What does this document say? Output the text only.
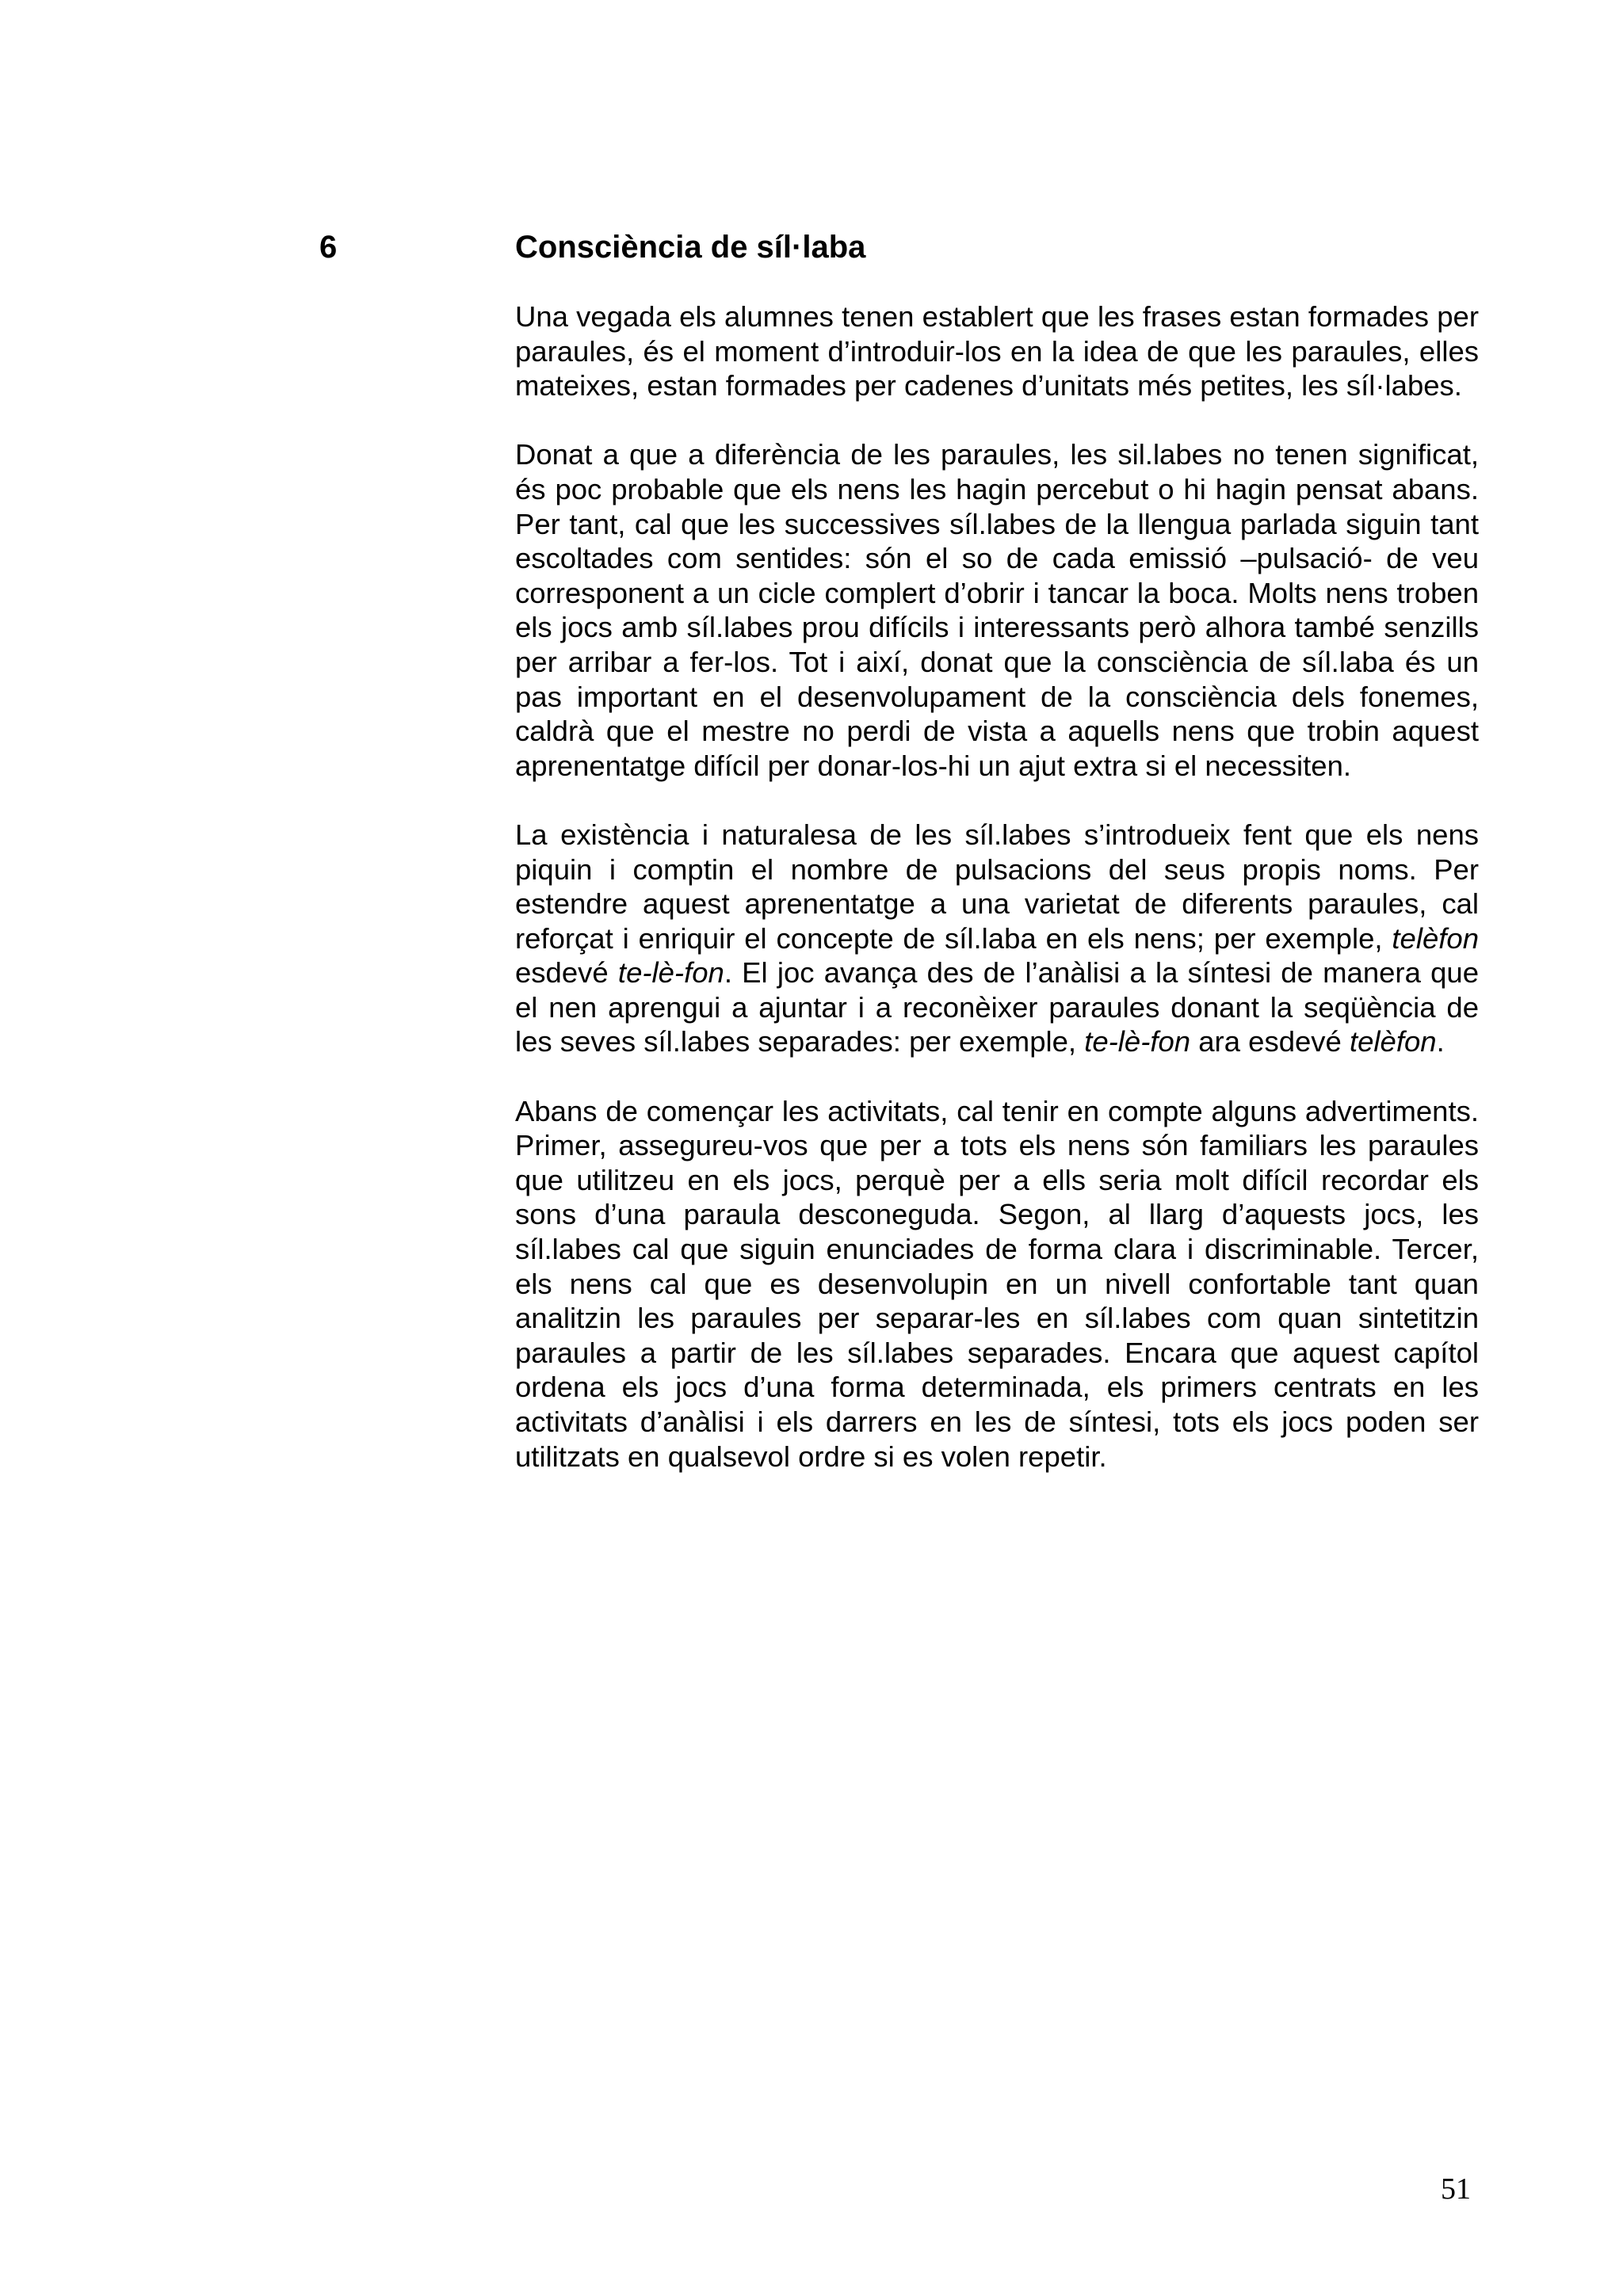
6	Consciència de síl·laba

Una vegada els alumnes tenen establert que les frases estan formades per paraules, és el moment d’introduir-los en la idea de que les paraules, elles mateixes, estan formades per cadenes d’unitats més petites, les síl·labes.

Donat a que a diferència de les paraules, les sil.labes no tenen significat, és poc probable que els nens les hagin percebut o hi hagin pensat abans. Per tant, cal que les successives síl.labes de la llengua parlada siguin tant escoltades com sentides: són el so de cada emissió –pulsació- de veu corresponent a un cicle complert d’obrir i tancar la boca. Molts nens troben els jocs amb síl.labes prou difícils i interessants però alhora també senzills per arribar a fer-los. Tot i així, donat que la consciència de síl.laba és un pas important en el desenvolupament de la consciència dels fonemes, caldrà que el mestre no perdi de vista a aquells nens que trobin aquest aprenentatge difícil per donar-los-hi un ajut extra si el necessiten.

La existència i naturalesa de les síl.labes s’introdueix fent que els nens piquin i comptin el nombre de pulsacions del seus propis noms. Per estendre aquest aprenentatge a una varietat de diferents paraules, cal reforçat i enriquir el concepte de síl.laba en els nens; per exemple, telèfon esdevé te-lè-fon. El joc avança des de l’anàlisi a la síntesi de manera que el nen aprengui a ajuntar i a reconèixer paraules donant la seqüència de les seves síl.labes separades: per exemple, te-lè-fon ara esdevé telèfon.

Abans de començar les activitats, cal tenir en compte alguns advertiments. Primer, assegureu-vos que per a tots els nens són familiars les paraules que utilitzeu en els jocs, perquè per a ells seria molt difícil recordar els sons d’una paraula desconeguda. Segon, al llarg d’aquests jocs, les síl.labes cal que siguin enunciades de forma clara i discriminable. Tercer, els nens cal que es desenvolupin en un nivell confortable tant quan analitzin les paraules per separar-les en síl.labes com quan sintetitzin paraules a partir de les síl.labes separades. Encara que aquest capítol ordena els jocs d’una forma determinada, els primers centrats en les activitats d’anàlisi i els darrers en les de síntesi, tots els jocs poden ser utilitzats en qualsevol ordre si es volen repetir.

51
